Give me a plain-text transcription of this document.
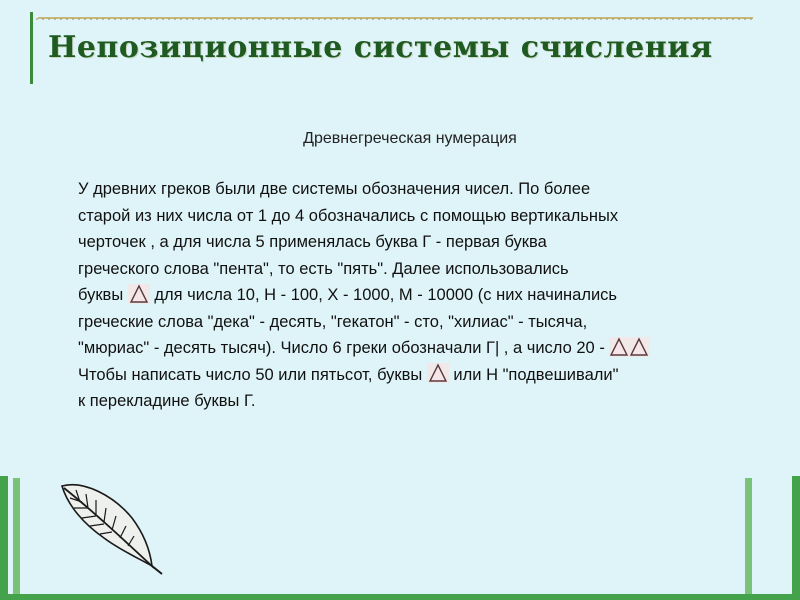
Непозиционные системы счисления

Древнегреческая нумерация

У древних греков были две системы обозначения чисел. По более
старой из них числа от 1 до 4 обозначались с помощью вертикальных
черточек , а для числа 5 применялась буква Г - первая буква
греческого слова "пента", то есть "пять". Далее использовались
буквы  для числа 10, Н - 100, Х - 1000, М - 10000 (с них начинались
греческие слова "дека" - десять, "гекатон" - сто, "хилиас" - тысяча,
"мюриас" - десять тысяч). Число 6 греки обозначали Г| , а число 20 -
Чтобы написать число 50 или пятьсот, буквы  или Н "подвешивали"
к перекладине буквы Г.
